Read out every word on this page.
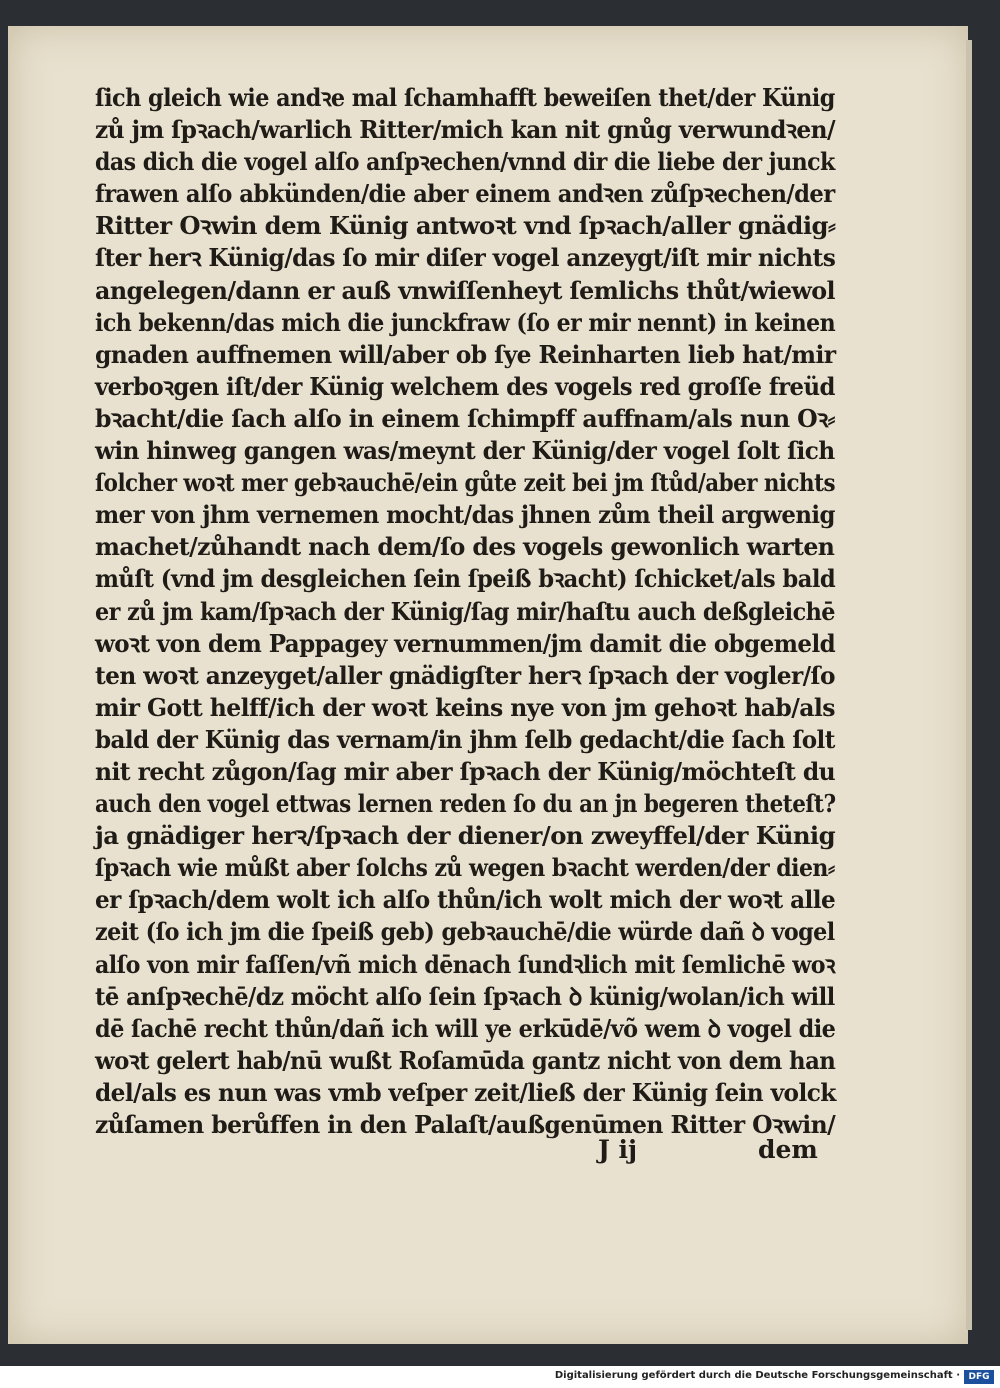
ſich gleich wie andꝛe mal ſchamhafft beweiſen thet/der Künig
zů jm ſpꝛach/warlich Ritter/mich kan nit gnůg verwundꝛen/
das dich die vogel alſo anſpꝛechen/vnnd dir die liebe der junck
frawen alſo abkünden/die aber einem andꝛen zůſpꝛechen/der
Ritter Oꝛwin dem Künig antwoꝛt vnd ſpꝛach/aller gnädig⸗
ſter herꝛ Künig/das ſo mir diſer vogel anzeygt/iſt mir nichts
angelegen/dann er auß vnwiſſenheyt ſemlichs thůt/wiewol
ich bekenn/das mich die junckfraw (ſo er mir nennt) in keinen
gnaden auffnemen will/aber ob ſye Reinharten lieb hat/mir
verboꝛgen iſt/der Künig welchem des vogels red groſſe freüd
bꝛacht/die ſach alſo in einem ſchimpff auffnam/als nun Oꝛ⸗
win hinweg gangen was/meynt der Künig/der vogel ſolt ſich
ſolcher woꝛt mer gebꝛauchē/ein gůte zeit bei jm ſtůd/aber nichts
mer von jhm vernemen mocht/das jhnen zům theil argwenig
machet/zůhandt nach dem/ſo des vogels gewonlich warten
můſt (vnd jm desgleichen ſein ſpeiß bꝛacht) ſchicket/als bald
er zů jm kam/ſpꝛach der Künig/ſag mir/haſtu auch deßgleichē
woꝛt von dem Pappagey vernummen/jm damit die obgemeld
ten woꝛt anzeyget/aller gnädigſter herꝛ ſpꝛach der vogler/ſo
mir Gott helff/ich der woꝛt keins nye von jm gehoꝛt hab/als
bald der Künig das vernam/in jhm ſelb gedacht/die ſach ſolt
nit recht zůgon/ſag mir aber ſpꝛach der Künig/möchteſt du
auch den vogel ettwas lernen reden ſo du an jn begeren theteſt?
ja gnädiger herꝛ/ſpꝛach der diener/on zweyffel/der Künig
ſpꝛach wie můßt aber ſolchs zů wegen bꝛacht werden/der dien⸗
er ſpꝛach/dem wolt ich alſo thůn/ich wolt mich der woꝛt alle
zeit (ſo ich jm die ſpeiß geb) gebꝛauchē/die würde dañ ꝺ vogel
alſo von mir faſſen/vñ mich dēnach ſundꝛlich mit ſemlichē woꝛ
tē anſpꝛechē/dz möcht alſo ſein ſpꝛach ꝺ künig/wolan/ich will
dē ſachē recht thůn/dañ ich will ye erkūdē/võ wem ꝺ vogel die
woꝛt gelert hab/nū wußt Roſamūda gantz nicht von dem han
del/als es nun was vmb veſper zeit/ließ der Künig ſein volck
zůſamen berůffen in den Palaſt/außgenūmen Ritter Oꝛwin/
J ij	dem
Digitalisierung gefördert durch die Deutsche Forschungsgemeinschaft · DFG
